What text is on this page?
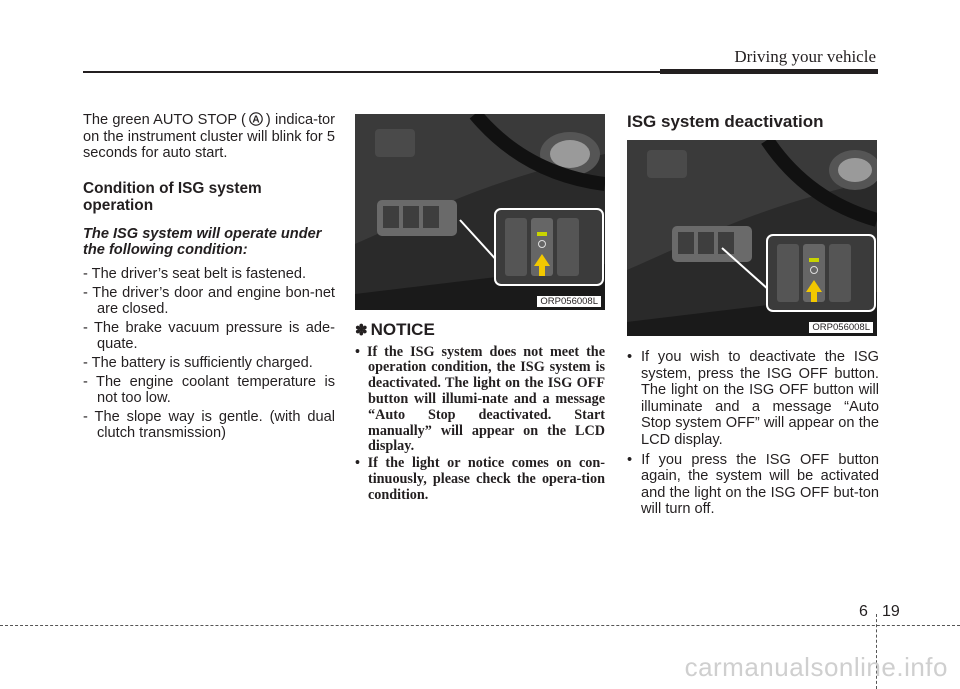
Driving your vehicle

The green AUTO STOP ( A ) indica-tor on the instrument cluster will blink for 5 seconds for auto start.

Condition of ISG system operation
The ISG system will operate under the following condition:
- The driver’s seat belt is fastened.
- The driver’s door and engine bon-net are closed.
- The brake vacuum pressure is ade-quate.
- The battery is sufficiently charged.
- The engine coolant temperature is not too low.
- The slope way is gentle. (with dual clutch transmission)
ORP056008L
✽ NOTICE
• If the ISG system does not meet the operation condition, the ISG system is deactivated. The light on the ISG OFF button will illumi-nate and a message “Auto Stop deactivated. Start manually” will appear on the LCD display.
• If the light or notice comes on con-tinuously, please check the opera-tion condition.
ISG system deactivation
ORP056008L
• If you wish to deactivate the ISG system, press the ISG OFF button. The light on the ISG OFF button will illuminate and a message “Auto Stop system OFF” will appear on the LCD display.
• If you press the ISG OFF button again, the system will be activated and the light on the ISG OFF but-ton will turn off.
6 19
carmanualsonline.info
